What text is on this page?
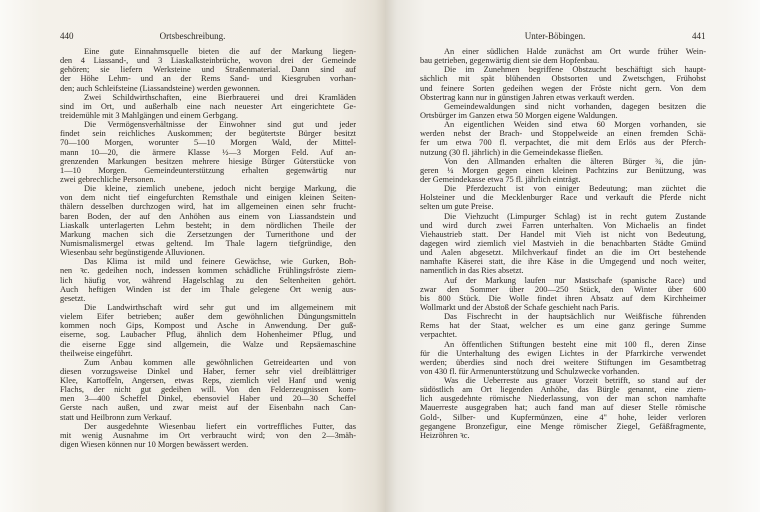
440	Ortsbeschreibung.
Eine gute Einnahmsquelle bieten die auf der Markung liegen-
den 4 Liassand-, und 3 Liaskalksteinbrüche, wovon drei der Gemeinde
gehören; sie liefern Werksteine und Straßenmaterial. Dann sind auf
der Höhe Lehm- und an der Rems Sand- und Kiesgruben vorhan-
den; auch Schleifsteine (Liassandsteine) werden gewonnen.
Zwei Schildwirthschaften, eine Bierbrauerei und drei Kramläden
sind im Ort, und außerhalb eine nach neuester Art eingerichtete Ge-
treidemühle mit 3 Mahlgängen und einem Gerbgang.
Die Vermögensverhältnisse der Einwohner sind gut und jeder
findet sein reichliches Auskommen; der begütertste Bürger besitzt
70—100 Morgen, worunter 5—10 Morgen Wald, der Mittel-
mann 10—20, die ärmere Klasse ½—3 Morgen Feld. Auf an-
grenzenden Markungen besitzen mehrere hiesige Bürger Güterstücke von
1—10 Morgen. Gemeindeunterstützung erhalten gegenwärtig nur
zwei gebrechliche Personen.
Die kleine, ziemlich unebene, jedoch nicht bergige Markung, die
von dem nicht tief eingefurchten Remsthale und einigen kleinen Seiten-
thälern desselben durchzogen wird, hat im allgemeinen einen sehr frucht-
baren Boden, der auf den Anhöhen aus einem von Liassandstein und
Liaskalk unterlagerten Lehm besteht; in dem nördlichen Theile der
Markung machen sich die Zersetzungen der Turnerithone und der
Numismalismergel etwas geltend. Im Thale lagern tiefgründige, den
Wiesenbau sehr begünstigende Alluvionen.
Das Klima ist mild und feinere Gewächse, wie Gurken, Boh-
nen ꝛc. gedeihen noch, indessen kommen schädliche Frühlingsfröste ziem-
lich häufig vor, während Hagelschlag zu den Seltenheiten gehört.
Auch heftigen Winden ist der im Thale gelegene Ort wenig aus-
gesetzt.
Die Landwirthschaft wird sehr gut und im allgemeinem mit
vielem Eifer betrieben; außer dem gewöhnlichen Düngungsmitteln
kommen noch Gips, Kompost und Asche in Anwendung. Der guß-
eiserne, sog. Laubacher Pflug, ähnlich dem Hohenheimer Pflug, und
die eiserne Egge sind allgemein, die Walze und Repsäemaschine
theilweise eingeführt.
Zum Anbau kommen alle gewöhnlichen Getreidearten und von
diesen vorzugsweise Dinkel und Haber, ferner sehr viel dreiblättriger
Klee, Kartoffeln, Angersen, etwas Reps, ziemlich viel Hanf und wenig
Flachs, der nicht gut gedeihen will. Von den Felderzeugnissen kom-
men 3—400 Scheffel Dinkel, ebensoviel Haber und 20—30 Scheffel
Gerste nach außen, und zwar meist auf der Eisenbahn nach Can-
statt und Heilbronn zum Verkauf.
Der ausgedehnte Wiesenbau liefert ein vortreffliches Futter, das
mit wenig Ausnahme im Ort verbraucht wird; von den 2—3mäh-
digen Wiesen können nur 10 Morgen bewässert werden.
Unter-Böbingen.	441
An einer südlichen Halde zunächst am Ort wurde früher Wein-
bau getrieben, gegenwärtig dient sie dem Hopfenbau.
Die im Zunehmen begriffene Obstzucht beschäftigt sich haupt-
sächlich mit spät blühenden Obstsorten und Zwetschgen, Frühobst
und feinere Sorten gedeihen wegen der Fröste nicht gern. Von dem
Obstertrag kann nur in günstigen Jahren etwas verkauft werden.
Gemeindewaldungen sind nicht vorhanden, dagegen besitzen die
Ortsbürger im Ganzen etwa 50 Morgen eigene Waldungen.
An eigentlichen Weiden sind etwa 60 Morgen vorhanden, sie
werden nebst der Brach- und Stoppelweide an einen fremden Schä-
fer um etwa 700 fl. verpachtet, die mit dem Erlös aus der Pferch-
nutzung (30 fl. jährlich) in die Gemeindekasse fließen.
Von den Allmanden erhalten die älteren Bürger ¾, die jün-
geren ¼ Morgen gegen einen kleinen Pachtzins zur Benützung, was
der Gemeindekasse etwa 75 fl. jährlich einträgt.
Die Pferdezucht ist von einiger Bedeutung; man züchtet die
Holsteiner und die Mecklenburger Race und verkauft die Pferde nicht
selten um gute Preise.
Die Viehzucht (Limpurger Schlag) ist in recht gutem Zustande
und wird durch zwei Farren unterhalten. Von Michaelis an findet
Viehaustrieb statt. Der Handel mit Vieh ist nicht von Bedeutung,
dagegen wird ziemlich viel Mastvieh in die benachbarten Städte Gmünd
und Aalen abgesetzt. Milchverkauf findet an die im Ort bestehende
namhafte Käserei statt, die ihre Käse in die Umgegend und noch weiter,
namentlich in das Ries absetzt.
Auf der Markung laufen nur Mastschafe (spanische Race) und
zwar den Sommer über 200—250 Stück, den Winter über 600
bis 800 Stück. Die Wolle findet ihren Absatz auf dem Kirchheimer
Wollmarkt und der Abstoß der Schafe geschieht nach Paris.
Das Fischrecht in der hauptsächlich nur Weißfische führenden
Rems hat der Staat, welcher es um eine ganz geringe Summe
verpachtet.
An öffentlichen Stiftungen besteht eine mit 100 fl., deren Zinse
für die Unterhaltung des ewigen Lichtes in der Pfarrkirche verwendet
werden; überdies sind noch drei weitere Stiftungen im Gesamtbetrag
von 430 fl. für Armenunterstützung und Schulzwecke vorhanden.
Was die Ueberreste aus grauer Vorzeit betrifft, so stand auf der
südöstlich am Ort liegenden Anhöhe, das Bürgle genannt, eine ziem-
lich ausgedehnte römische Niederlassung, von der man schon namhafte
Mauerreste ausgegraben hat; auch fand man auf dieser Stelle römische
Gold-, Silber- und Kupfermünzen, eine 4" hohe, leider verloren
gegangene Bronzefigur, eine Menge römischer Ziegel, Gefäßfragmente,
Heizröhren ꝛc.
